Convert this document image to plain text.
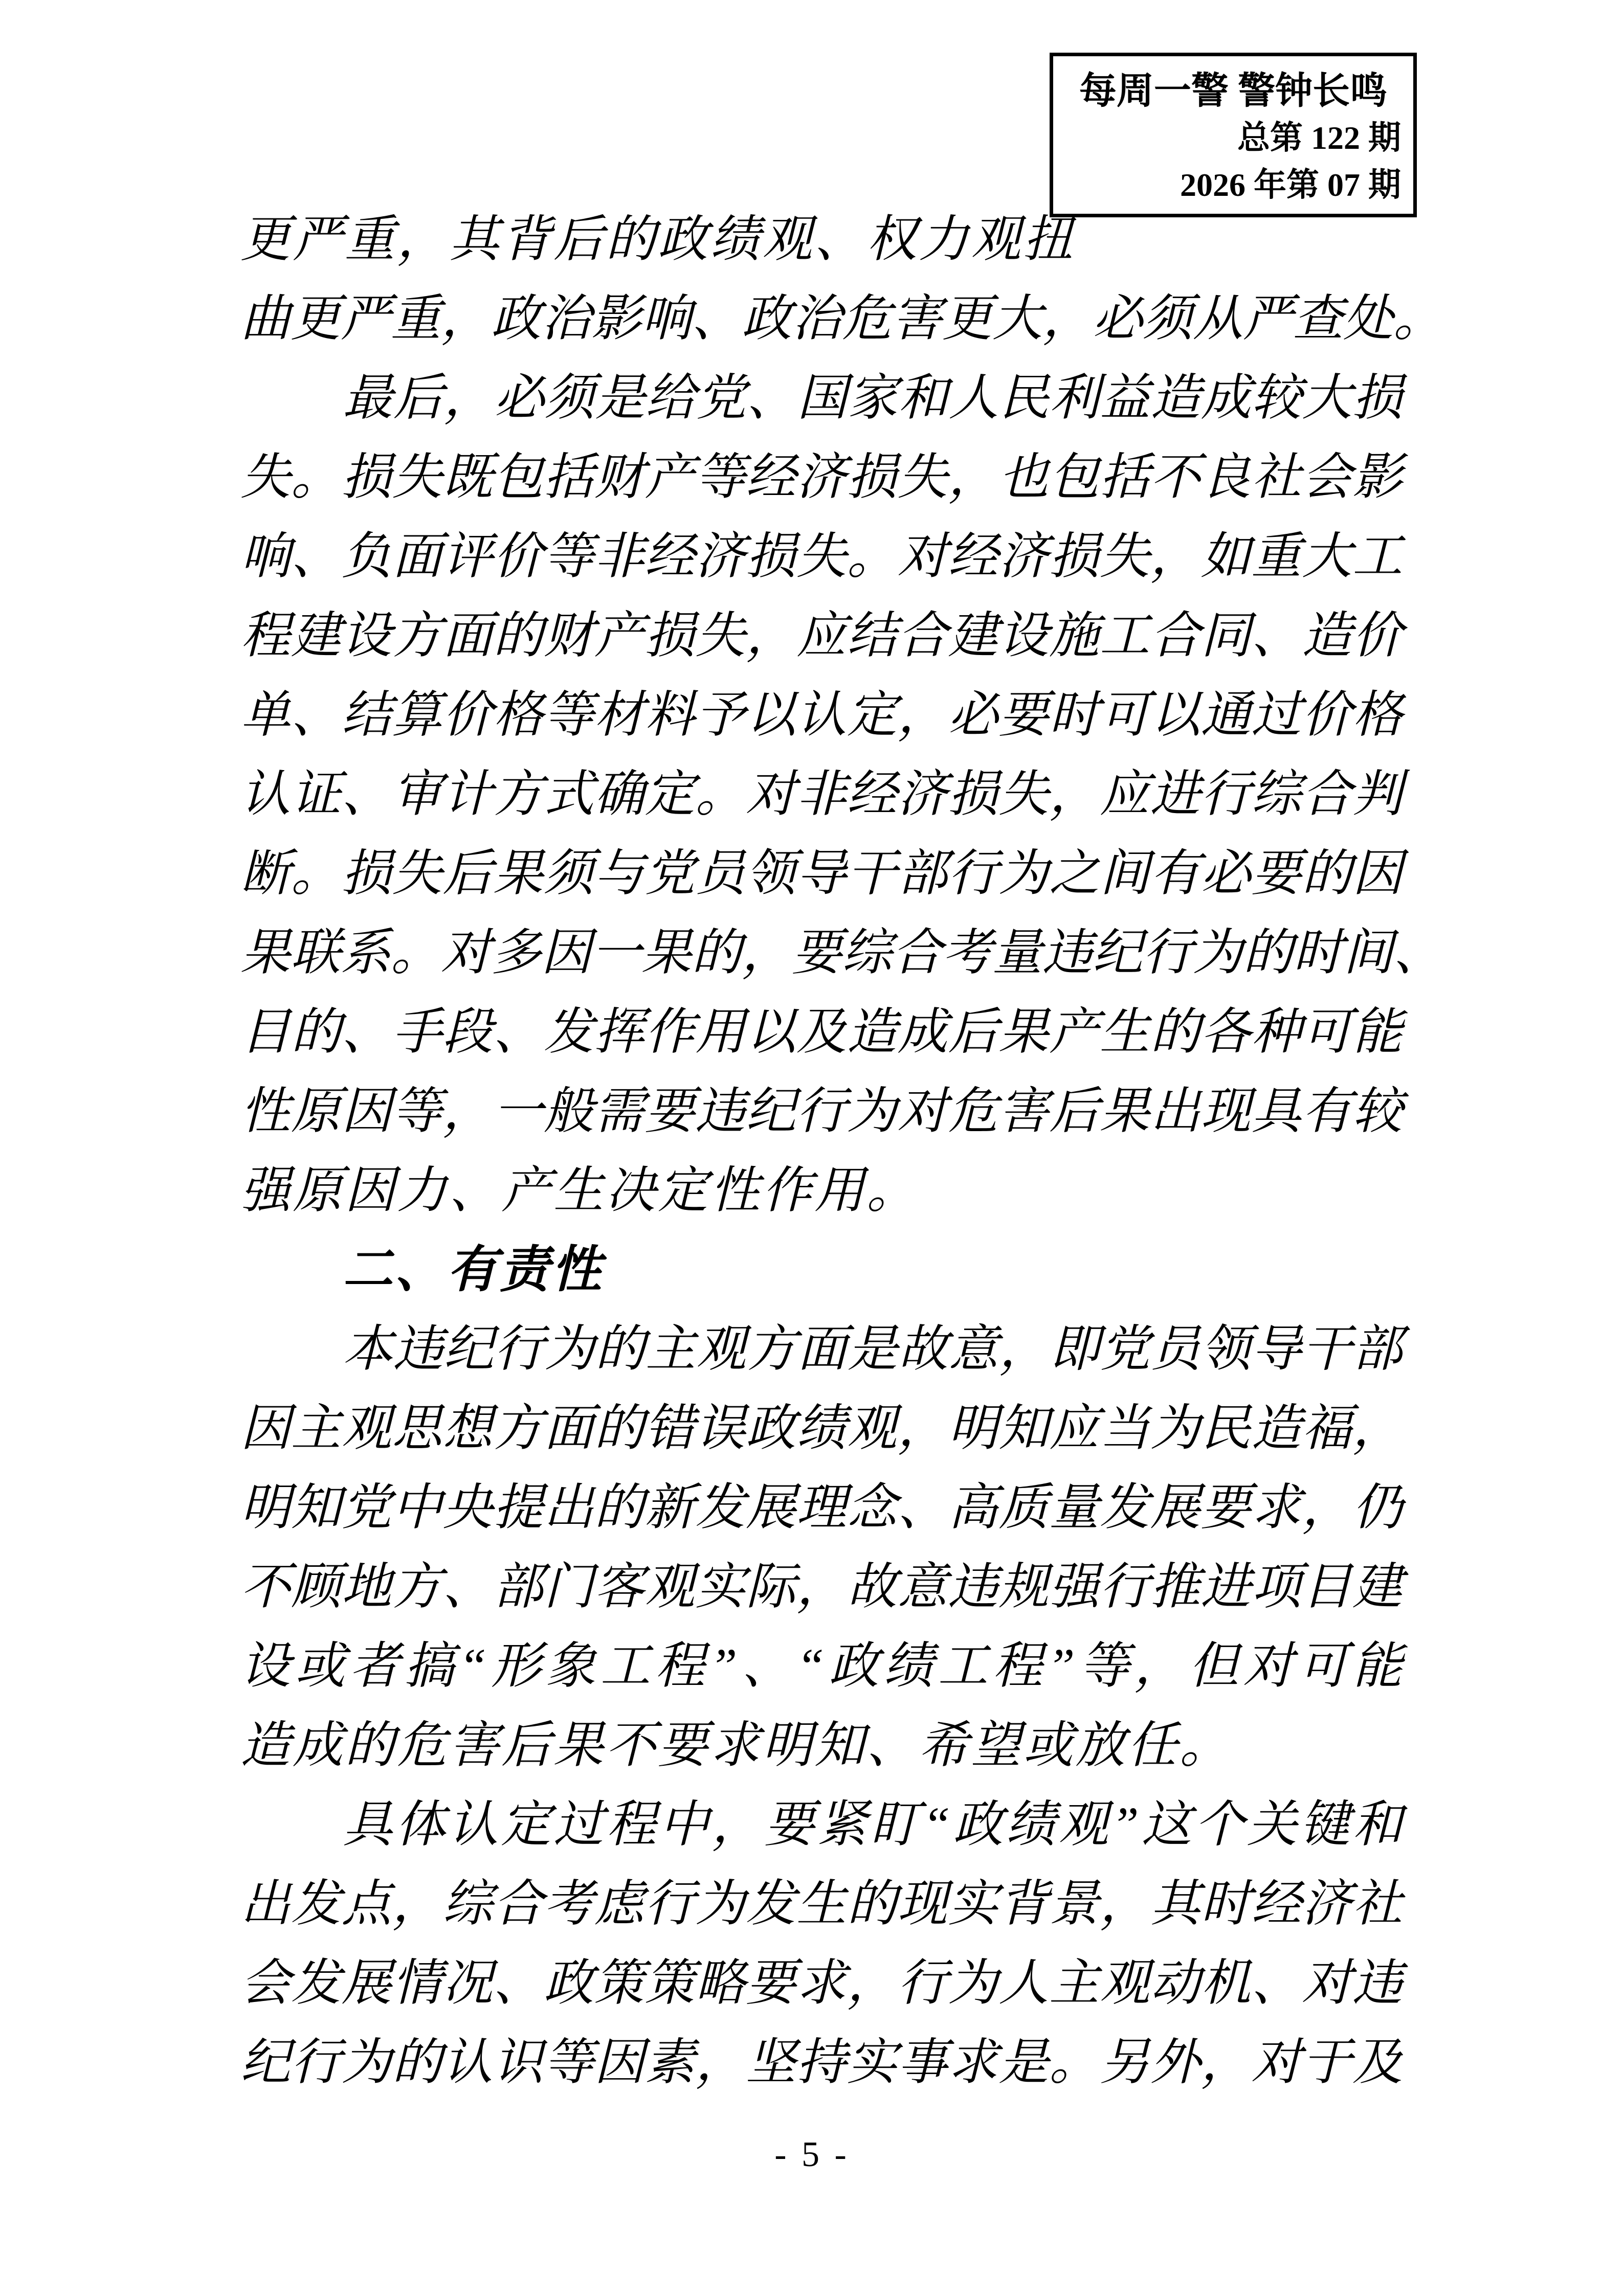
每周一警 警钟长鸣
总第 122 期
2026 年第 07 期
更严重，其背后的政绩观、权力观扭
曲更严重，政治影响、政治危害更大，必须从严查处。
最后，必须是给党、国家和人民利益造成较大损
失。损失既包括财产等经济损失，也包括不良社会影
响、负面评价等非经济损失。对经济损失，如重大工
程建设方面的财产损失，应结合建设施工合同、造价
单、结算价格等材料予以认定，必要时可以通过价格
认证、审计方式确定。对非经济损失，应进行综合判
断。损失后果须与党员领导干部行为之间有必要的因
果联系。对多因一果的，要综合考量违纪行为的时间、
目的、手段、发挥作用以及造成后果产生的各种可能
性原因等，一般需要违纪行为对危害后果出现具有较
强原因力、产生决定性作用。
二、有责性
本违纪行为的主观方面是故意，即党员领导干部
因主观思想方面的错误政绩观，明知应当为民造福，
明知党中央提出的新发展理念、高质量发展要求，仍
不顾地方、部门客观实际，故意违规强行推进项目建
设或者搞“形象工程”、“政绩工程”等，但对可能
造成的危害后果不要求明知、希望或放任。
具体认定过程中，要紧盯“政绩观”这个关键和
出发点，综合考虑行为发生的现实背景，其时经济社
会发展情况、政策策略要求，行为人主观动机、对违
纪行为的认识等因素，坚持实事求是。另外，对于及
- 5 -
